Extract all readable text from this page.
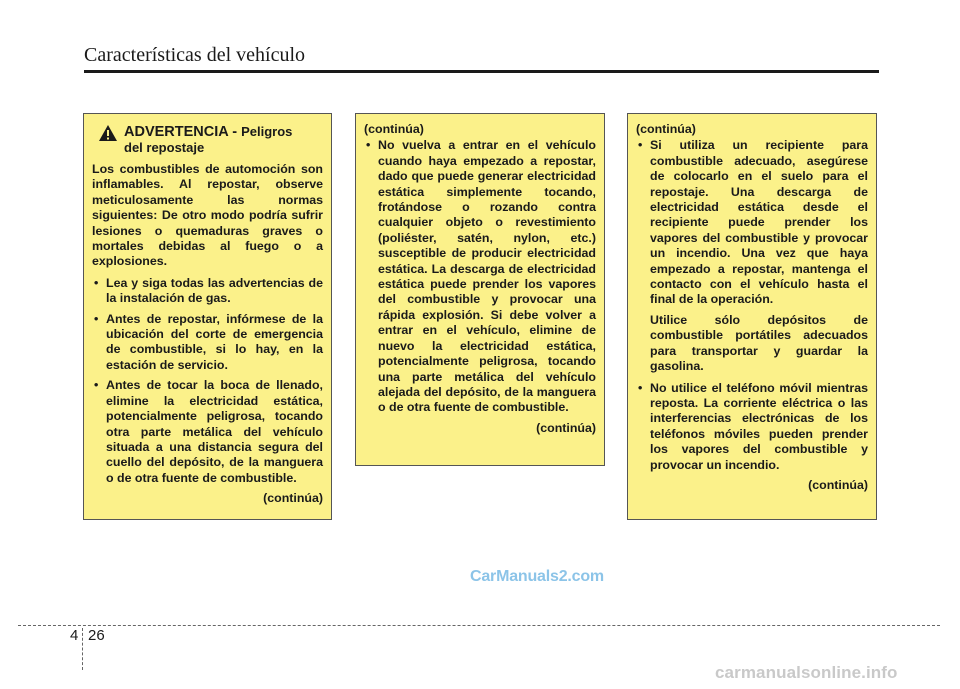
Características del vehículo
ADVERTENCIA - Peligros
del repostaje

Los combustibles de automoción son inflamables. Al repostar, observe meticulosamente las normas siguientes: De otro modo podría sufrir lesiones o quemaduras graves o mortales debidas al fuego o a explosiones.

• Lea y siga todas las advertencias de la instalación de gas.
• Antes de repostar, infórmese de la ubicación del corte de emergencia de combustible, si lo hay, en la estación de servicio.
• Antes de tocar la boca de llenado, elimine la electricidad estática, potencialmente peligrosa, tocando otra parte metálica del vehículo situada a una distancia segura del cuello del depósito, de la manguera o de otra fuente de combustible.
(continúa)
(continúa)
• No vuelva a entrar en el vehículo cuando haya empezado a repostar, dado que puede generar electricidad estática simplemente tocando, frotándose o rozando contra cualquier objeto o revestimiento (poliéster, satén, nylon, etc.) susceptible de producir electricidad estática. La descarga de electricidad estática puede prender los vapores del combustible y provocar una rápida explosión. Si debe volver a entrar en el vehículo, elimine de nuevo la electricidad estática, potencialmente peligrosa, tocando una parte metálica del vehículo alejada del depósito, de la manguera o de otra fuente de combustible.
(continúa)
(continúa)
• Si utiliza un recipiente para combustible adecuado, asegúrese de colocarlo en el suelo para el repostaje. Una descarga de electricidad estática desde el recipiente puede prender los vapores del combustible y provocar un incendio. Una vez que haya empezado a repostar, mantenga el contacto con el vehículo hasta el final de la operación.
Utilice sólo depósitos de combustible portátiles adecuados para transportar y guardar la gasolina.
• No utilice el teléfono móvil mientras reposta. La corriente eléctrica o las interferencias electrónicas de los teléfonos móviles pueden prender los vapores del combustible y provocar un incendio.
(continúa)
CarManuals2.com
4 26
carmanualsonline.info
